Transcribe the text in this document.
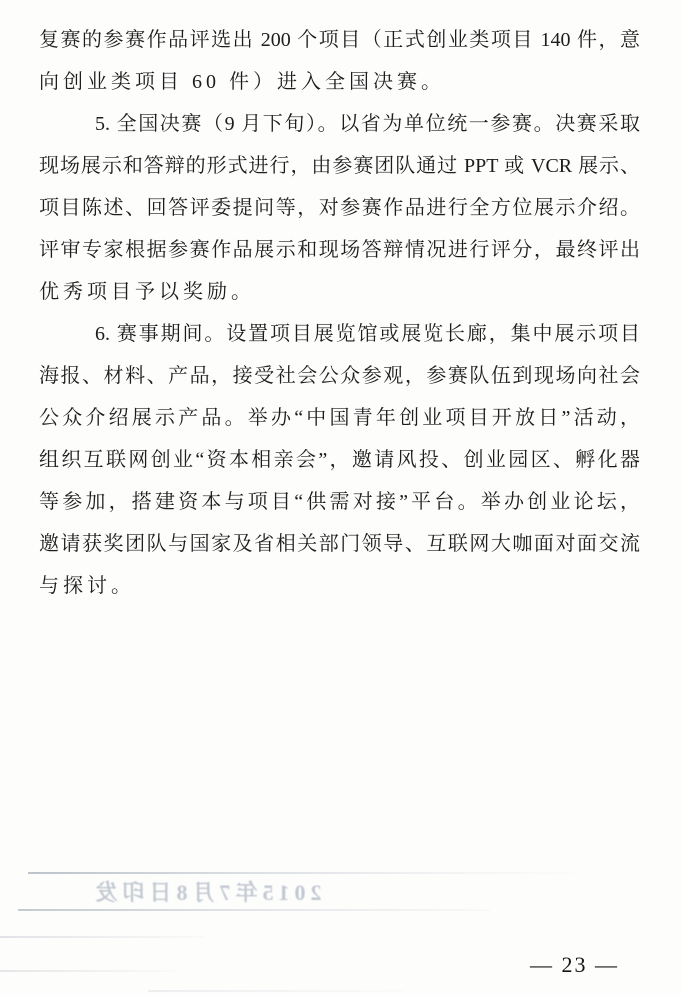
复赛的参赛作品评选出 200 个项目（正式创业类项目 140 件，意
向创业类项目 60 件）进入全国决赛。
5. 全国决赛（9 月下旬）。以省为单位统一参赛。决赛采取
现场展示和答辩的形式进行，由参赛团队通过 PPT 或 VCR 展示、
项目陈述、回答评委提问等，对参赛作品进行全方位展示介绍。
评审专家根据参赛作品展示和现场答辩情况进行评分，最终评出
优秀项目予以奖励。
6. 赛事期间。设置项目展览馆或展览长廊，集中展示项目
海报、材料、产品，接受社会公众参观，参赛队伍到现场向社会
公众介绍展示产品。举办“中国青年创业项目开放日”活动，
组织互联网创业“资本相亲会”，邀请风投、创业园区、孵化器
等参加，搭建资本与项目“供需对接”平台。举办创业论坛，
邀请获奖团队与国家及省相关部门领导、互联网大咖面对面交流
与探讨。
2015年7月8日印发
— 23 —
